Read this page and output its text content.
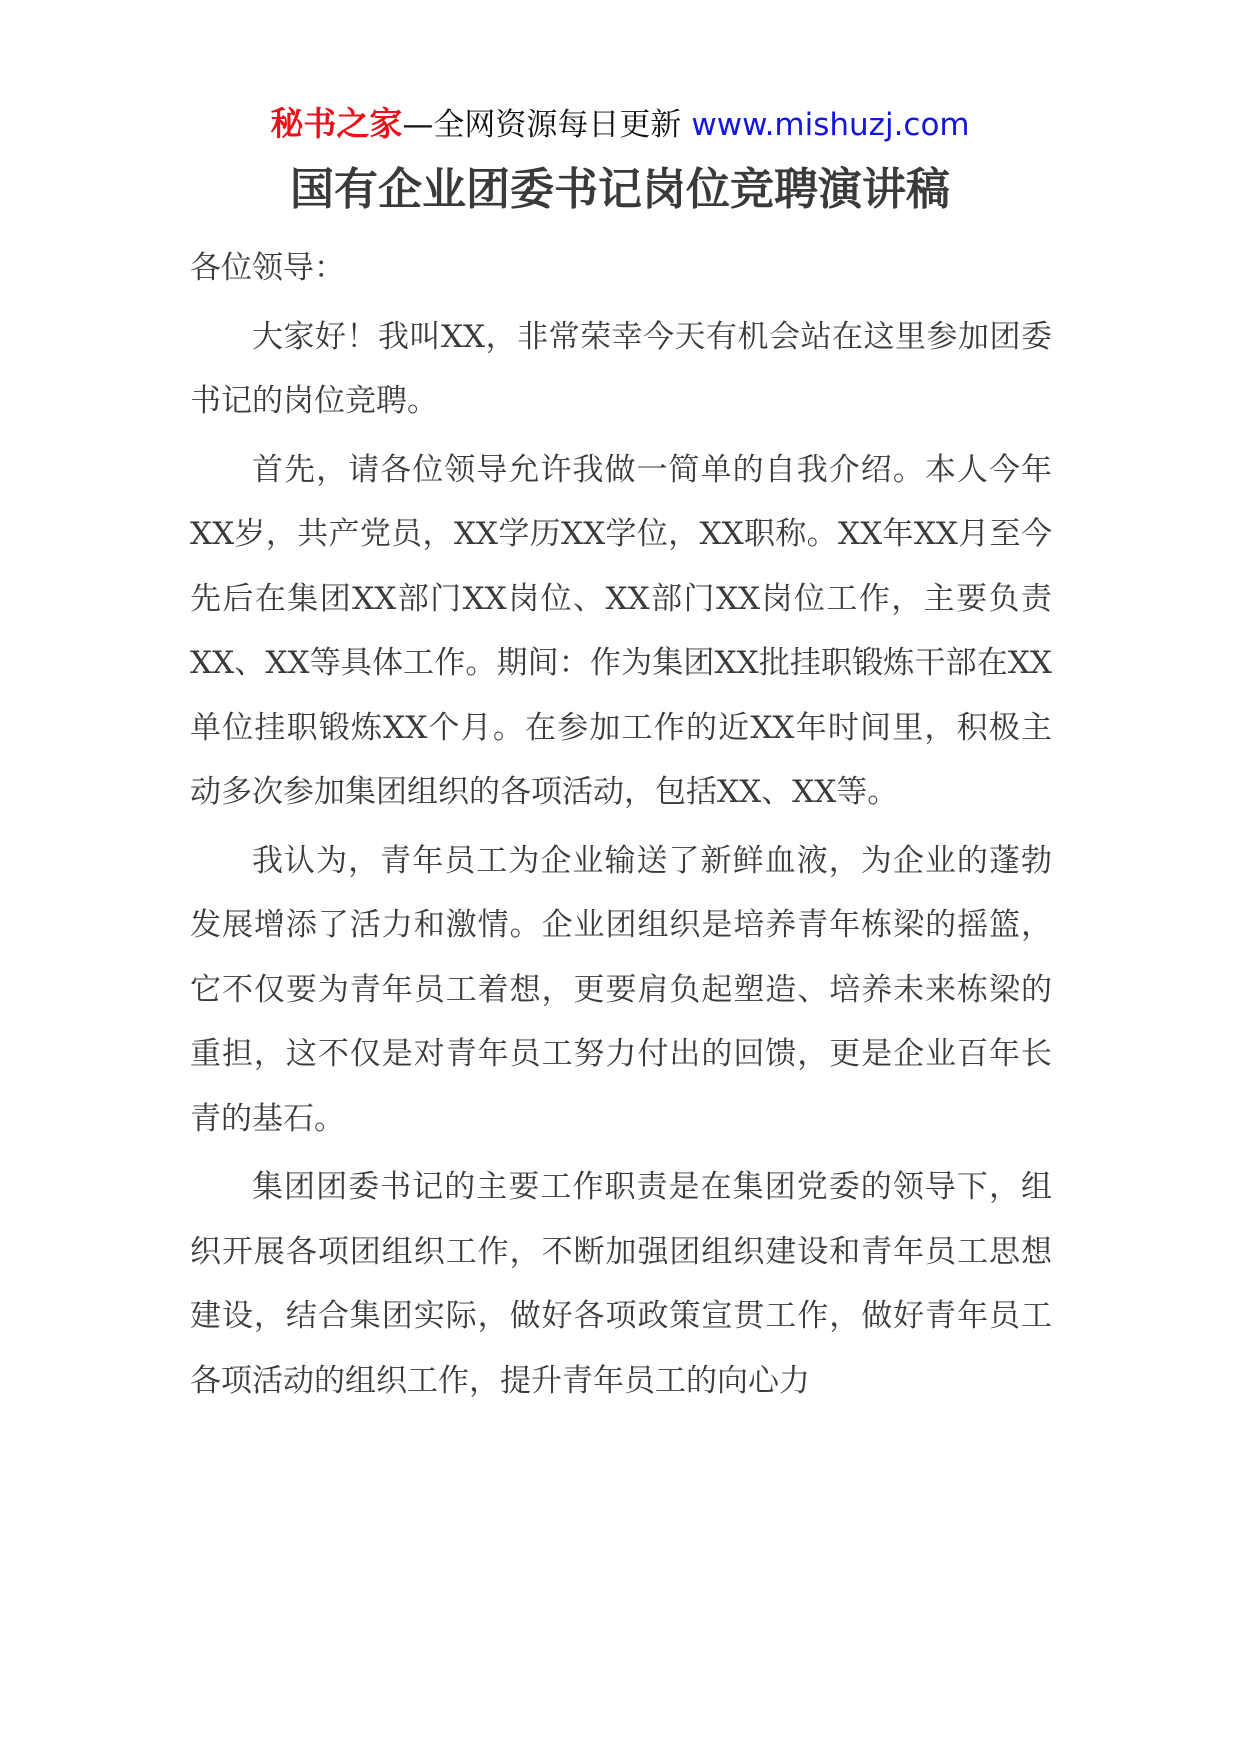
秘书之家—全网资源每日更新 www.mishuzj.com
国有企业团委书记岗位竞聘演讲稿

各位领导：

大家好！我叫XX，非常荣幸今天有机会站在这里参加团委书记的岗位竞聘。

首先，请各位领导允许我做一简单的自我介绍。本人今年XX岁，共产党员，XX学历XX学位，XX职称。XX年XX月至今先后在集团XX部门XX岗位、XX部门XX岗位工作，主要负责XX、XX等具体工作。期间：作为集团XX批挂职锻炼干部在XX单位挂职锻炼XX个月。在参加工作的近XX年时间里，积极主动多次参加集团组织的各项活动，包括XX、XX等。

我认为，青年员工为企业输送了新鲜血液，为企业的蓬勃发展增添了活力和激情。企业团组织是培养青年栋梁的摇篮，它不仅要为青年员工着想，更要肩负起塑造、培养未来栋梁的重担，这不仅是对青年员工努力付出的回馈，更是企业百年长青的基石。

集团团委书记的主要工作职责是在集团党委的领导下，组织开展各项团组织工作，不断加强团组织建设和青年员工思想建设，结合集团实际，做好各项政策宣贯工作，做好青年员工各项活动的组织工作，提升青年员工的向心力
